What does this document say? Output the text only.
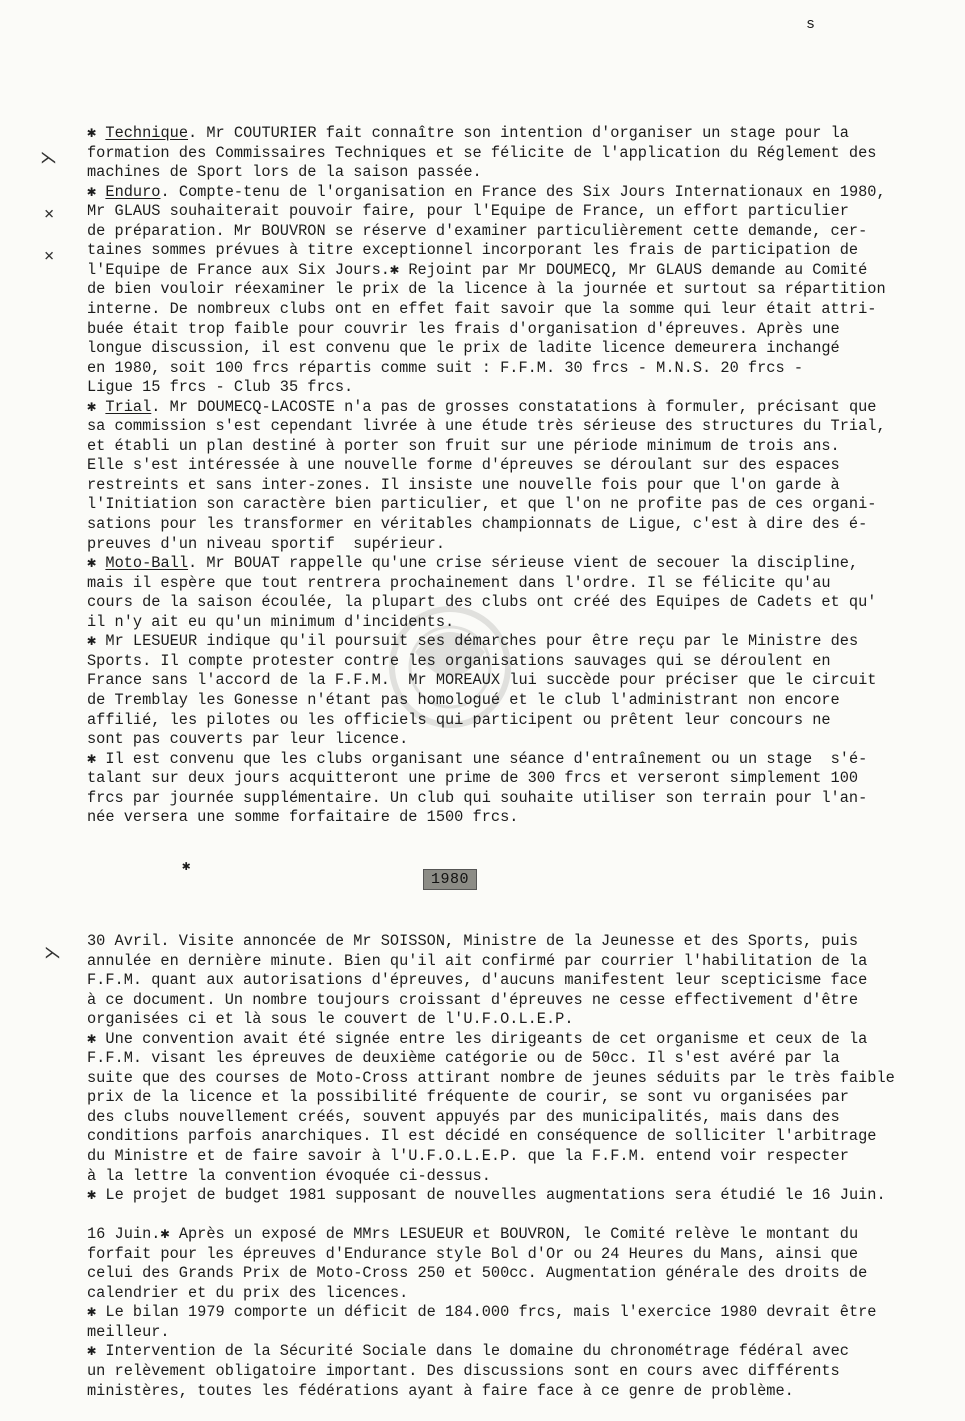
s
⋋
⨯
⨯
⋋

✱ Technique. Mr COUTURIER fait connaître son intention d'organiser un stage pour la
formation des Commissaires Techniques et se félicite de l'application du Réglement des
machines de Sport lors de la saison passée.
✱ Enduro. Compte-tenu de l'organisation en France des Six Jours Internationaux en 1980,
Mr GLAUS souhaiterait pouvoir faire, pour l'Equipe de France, un effort particulier
de préparation. Mr BOUVRON se réserve d'examiner particulièrement cette demande, cer-
taines sommes prévues à titre exceptionnel incorporant les frais de participation de
l'Equipe de France aux Six Jours.✱ Rejoint par Mr DOUMECQ, Mr GLAUS demande au Comité
de bien vouloir réexaminer le prix de la licence à la journée et surtout sa répartition
interne. De nombreux clubs ont en effet fait savoir que la somme qui leur était attri-
buée était trop faible pour couvrir les frais d'organisation d'épreuves. Après une
longue discussion, il est convenu que le prix de ladite licence demeurera inchangé
en 1980, soit 100 frcs répartis comme suit : F.F.M. 30 frcs - M.N.S. 20 frcs -
Ligue 15 frcs - Club 35 frcs.
✱ Trial. Mr DOUMECQ-LACOSTE n'a pas de grosses constatations à formuler, précisant que
sa commission s'est cependant livrée à une étude très sérieuse des structures du Trial,
et établi un plan destiné à porter son fruit sur une période minimum de trois ans.
Elle s'est intéressée à une nouvelle forme d'épreuves se déroulant sur des espaces
restreints et sans inter-zones. Il insiste une nouvelle fois pour que l'on garde à
l'Initiation son caractère bien particulier, et que l'on ne profite pas de ces organi-
sations pour les transformer en véritables championnats de Ligue, c'est à dire des é-
preuves d'un niveau sportif  supérieur.
✱ Moto-Ball. Mr BOUAT rappelle qu'une crise sérieuse vient de secouer la discipline,
mais il espère que tout rentrera prochainement dans l'ordre. Il se félicite qu'au
cours de la saison écoulée, la plupart des clubs ont créé des Equipes de Cadets et qu'
il n'y ait eu qu'un minimum d'incidents.
✱ Mr LESUEUR indique qu'il poursuit ses démarches pour être reçu par le Ministre des
Sports. Il compte protester contre les organisations sauvages qui se déroulent en
France sans l'accord de la F.F.M.  Mr MOREAUX lui succède pour préciser que le circuit
de Tremblay les Gonesse n'étant pas homologué et le club l'administrant non encore
affilié, les pilotes ou les officiels qui participent ou prêtent leur concours ne
sont pas couverts par leur licence.
✱ Il est convenu que les clubs organisant une séance d'entraînement ou un stage  s'é-
talant sur deux jours acquitteront une prime de 300 frcs et verseront simplement 100
frcs par journée supplémentaire. Un club qui souhaite utiliser son terrain pour l'an-
née versera une somme forfaitaire de 1500 frcs.

✱

1980

30 Avril. Visite annoncée de Mr SOISSON, Ministre de la Jeunesse et des Sports, puis
annulée en dernière minute. Bien qu'il ait confirmé par courrier l'habilitation de la
F.F.M. quant aux autorisations d'épreuves, d'aucuns manifestent leur scepticisme face
à ce document. Un nombre toujours croissant d'épreuves ne cesse effectivement d'être
organisées ci et là sous le couvert de l'U.F.O.L.E.P.
✱ Une convention avait été signée entre les dirigeants de cet organisme et ceux de la
F.F.M. visant les épreuves de deuxième catégorie ou de 50cc. Il s'est avéré par la
suite que des courses de Moto-Cross attirant nombre de jeunes séduits par le très faible
prix de la licence et la possibilité fréquente de courir, se sont vu organisées par
des clubs nouvellement créés, souvent appuyés par des municipalités, mais dans des
conditions parfois anarchiques. Il est décidé en conséquence de solliciter l'arbitrage
du Ministre et de faire savoir à l'U.F.O.L.E.P. que la F.F.M. entend voir respecter
à la lettre la convention évoquée ci-dessus.
✱ Le projet de budget 1981 supposant de nouvelles augmentations sera étudié le 16 Juin.
16 Juin.✱ Après un exposé de MMrs LESUEUR et BOUVRON, le Comité relève le montant du
forfait pour les épreuves d'Endurance style Bol d'Or ou 24 Heures du Mans, ainsi que
celui des Grands Prix de Moto-Cross 250 et 500cc. Augmentation générale des droits de
calendrier et du prix des licences.
✱ Le bilan 1979 comporte un déficit de 184.000 frcs, mais l'exercice 1980 devrait être
meilleur.
✱ Intervention de la Sécurité Sociale dans le domaine du chronométrage fédéral avec
un relèvement obligatoire important. Des discussions sont en cours avec différents
ministères, toutes les fédérations ayant à faire face à ce genre de problème.
